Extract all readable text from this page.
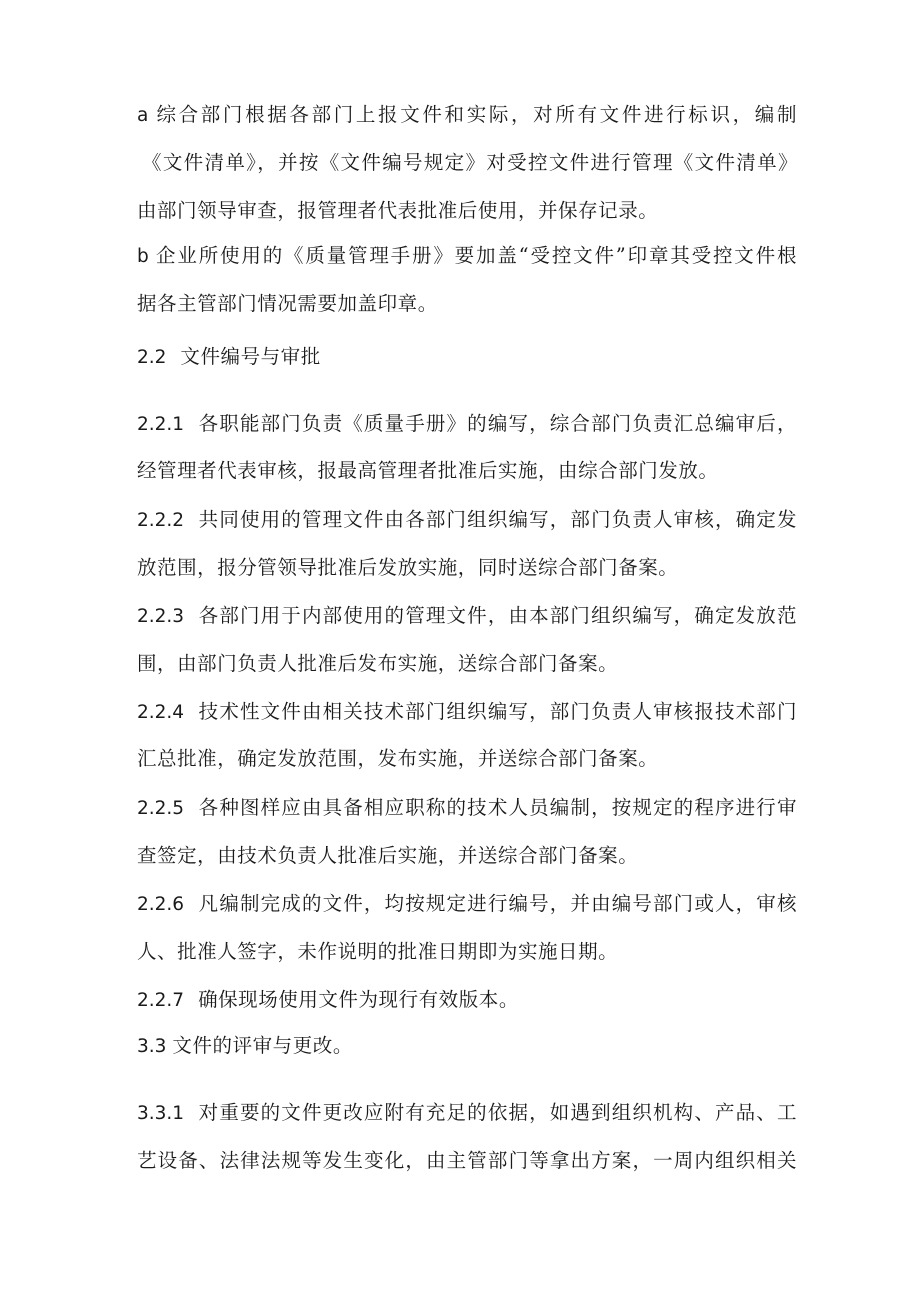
a 综合部门根据各部门上报文件和实际，对所有文件进行标识，编制
《文件清单》，并按《文件编号规定》对受控文件进行管理《文件清单》
由部门领导审查，报管理者代表批准后使用，并保存记录。
b 企业所使用的《质量管理手册》要加盖“受控文件”印章其受控文件根
据各主管部门情况需要加盖印章。
2.2 文件编号与审批
2.2.1 各职能部门负责《质量手册》的编写，综合部门负责汇总编审后，
经管理者代表审核，报最高管理者批准后实施，由综合部门发放。
2.2.2 共同使用的管理文件由各部门组织编写，部门负责人审核，确定发
放范围，报分管领导批准后发放实施，同时送综合部门备案。
2.2.3 各部门用于内部使用的管理文件，由本部门组织编写，确定发放范
围，由部门负责人批准后发布实施，送综合部门备案。
2.2.4 技术性文件由相关技术部门组织编写，部门负责人审核报技术部门
汇总批准，确定发放范围，发布实施，并送综合部门备案。
2.2.5 各种图样应由具备相应职称的技术人员编制，按规定的程序进行审
查签定，由技术负责人批准后实施，并送综合部门备案。
2.2.6 凡编制完成的文件，均按规定进行编号，并由编号部门或人，审核
人、批准人签字，未作说明的批准日期即为实施日期。
2.2.7 确保现场使用文件为现行有效版本。
3.3 文件的评审与更改。
3.3.1 对重要的文件更改应附有充足的依据，如遇到组织机构、产品、工
艺设备、法律法规等发生变化，由主管部门等拿出方案，一周内组织相关
